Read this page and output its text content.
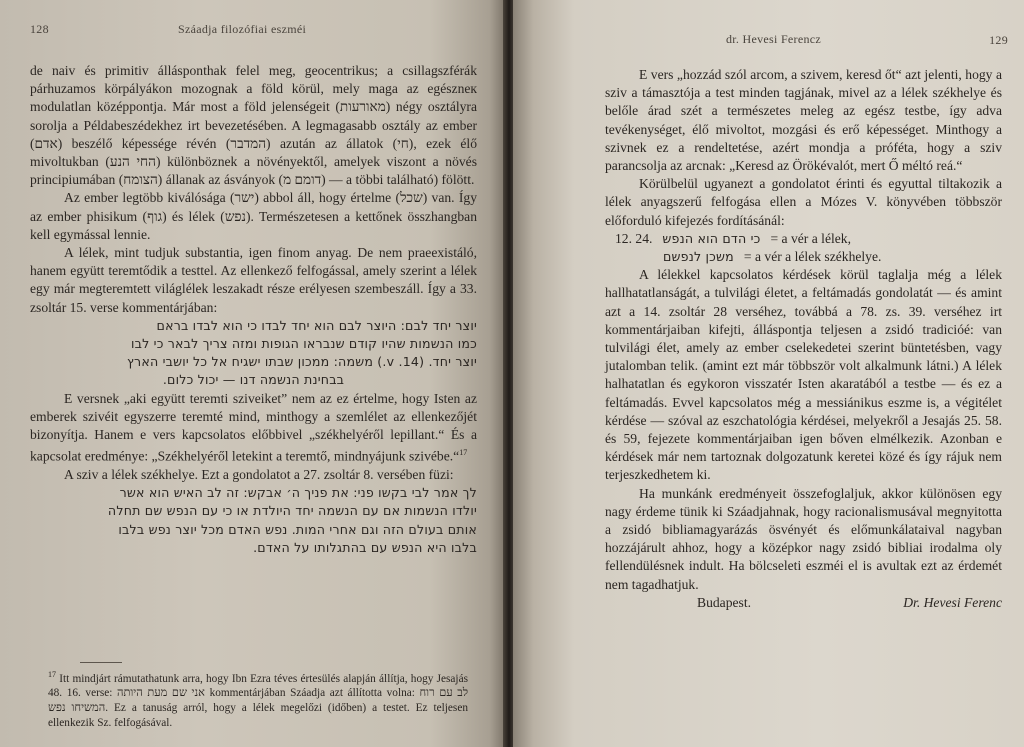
128	Száadja filozófiai eszméi

de naiv és primitiv állásponthak felel meg, geocentrikus; a csillagszférák párhuzamos körpályákon mozognak a föld körül, mely maga az egészneк modulatlan középpontja. Már most a föld jelenségeit (מאורעות) négy osztályra sorolja a Példabeszédekhez irt bevezetésében. A legmagasabb osztály az ember (אדם) beszélő képessége révén (המדבר) azután az állatok (חי), ezek élő mivoltukban (החי הנע) különböznek a növényektől, amelyek viszont a növés principiumában (הצומח) állanak az ásványok (דומם מ) — a többi található) fölött.

Az ember legtöbb kiválósága (ישר) abbol áll, hogy értelme (שכל) van. Így az ember phisikum (גוף) és lélek (נפש). Természetesen a kettőnek összhangban kell egymással lennie.

A lélek, mint tudjuk substantia, igen finom anyag. De nem praeexistáló, hanem együtt teremtődik a testtel. Az ellenkező felfogással, amely szerint a lélek egy már megteremtett világlélek leszakadt része erélyesen szembeszáll. Így a 33. zsoltár 15. verse kommentárjában:

יוצר יחד לבם: היוצר לבם הוא יחד לבדו כי הוא לבדו בראם

כמו הנשמות שהיו קודם שנבראו הגופות ומזה צריך לבאר כי לבו

יוצר יחד. (14. v.) משמה: ממכון שבתו ישגיח אל כל יושבי הארץ

בבחינת הנשמה דנו — יכול כלום.

E versnek „aki együtt teremti sziveiket” nem az ez értelme, hogy Isten az emberek szivéit egyszerre teremté mind, minthogy a szemlélet az ellenkezőjét bizonyítja. Hanem e vers kapcsolatos előbbivel „székhelyéről lepillant.“ És a kapcsolat eredménye: „Székhelyéről letekint a teremtő, mindnyájunk szivébe.“$^{17}$

A sziv a lélek székhelye. Ezt a gondolatot a 27. zsoltár 8. versében füzi:

לך אמר לבי בקשו פני: את פניך ה׳ אבקש: זה לב האיש הוא אשר

יולדו הנשמות אם עם הנשמה יחד היולדת או כי עם הנפש שם תחלה

אותם בעולם הזה וגם אחרי המות. נפש האדם מכל יוצר נפש בלבו

בלבו היא הנפש עם בהתגלותו על האדם.

$^{17}$ Itt mindjárt rámutathatunk arra, hogy Ibn Ezra téves értesülés alapján állítja, hogy Jesajás 48. 16. verse: אני שם מעת היותה kommentárjában Száadja azt állította volna: לב עם רוח המשיחו נפש. Ez a tanuság arról, hogy a lélek megelőzi (időben) a testet. Ez teljesen ellenkezik Sz. felfogásával.

dr. Hevesi Ferencz	129

E vers „hozzád szól arcom, a szivem, keresd őt“ azt jelenti, hogy a sziv a támasztója a test minden tagjának, mivel az a lélek székhelye és belőle árad szét a természetes meleg az egész testbe, így adva tevékenységet, élő mivoltot, mozgási és erő képességet. Minthogy a szivnek ez a rendeltetése, azért mondja a próféta, hogy a sziv parancsolja az arcnak: „Keresd az Örökévalót, mert Ő méltó reá.“

Körülbelül ugyanezt a gondolatot érinti és egyuttal tiltakozik a lélek anyagszerű felfogása ellen a Mózes V. könyvében többször előforduló kifejezés fordításánál:

12. 24. כי הדם הוא הנפש = a vér a lélek,
משכן לנפשם = a vér a lélek székhelye.

A lélekkel kapcsolatos kérdések körül taglalja még a lélek hallhatatlanságát, a tulvilági életet, a feltámadás gondolatát — és amint azt a 14. zsoltár 28 verséhez, továbbá a 78. zs. 39. verséhez irt kommentárjaiban kifejti, álláspontja teljesen a zsidó tradicióé: van tulvilági élet, amely az ember cselekedetei szerint büntetésben, vagy jutalomban telik. (amint ezt már többször volt alkalmunk látni.) A lélek halhatatlan és egykoron visszatér Isten akaratából a testbe — és ez a feltámadás. Evvel kapcsolatos még a messiánikus eszme is, a végitélet kérdése — szóval az eszchatológia kérdései, melyekről a Jesajás 25. 58. és 59, fejezete kommentárjaiban igen bőven elmélkezik. Azonban e kérdések már nem tartoznak dolgozatunk keretei közé és így rájuk nem terjeszkedhetem ki.

Ha munkánk eredményeit összefoglaljuk, akkor különösen egy nagy érdeme tünik ki Száadjahnak, hogy racionalismusával megnyitotta a zsidó bibliamagyarázás ösvényét és előmunkálataival nagyban hozzájárult ahhoz, hogy a középkor nagy zsidó bibliai irodalma oly fellendülésnek indult. Ha bölcseleti eszméi el is avultak ezt az érdemét nem tagadhatjuk.

Budapest.	Dr. Hevesi Ferenc
